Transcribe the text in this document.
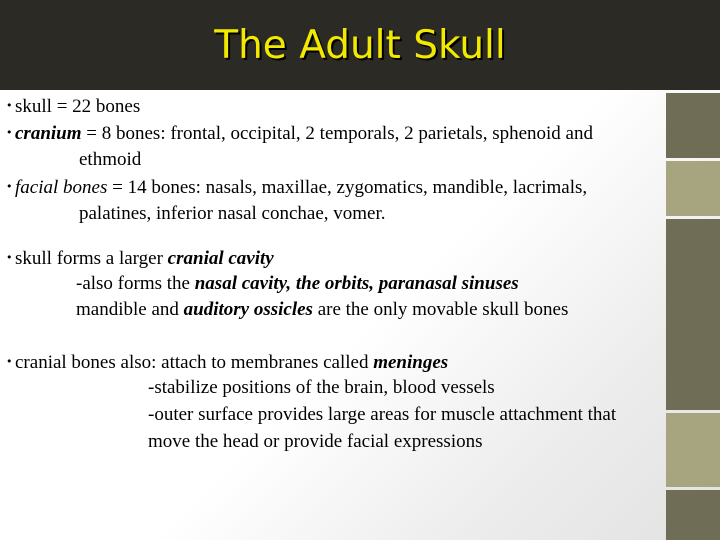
The Adult Skull
• skull = 22 bones
• cranium = 8 bones: frontal, occipital, 2 temporals, 2 parietals, sphenoid and
ethmoid
• facial bones = 14 bones: nasals, maxillae, zygomatics, mandible, lacrimals,
palatines, inferior nasal conchae, vomer.
• skull forms a larger cranial cavity
-also forms the nasal cavity, the orbits, paranasal sinuses
mandible and auditory ossicles are the only movable skull bones
• cranial bones also: attach to membranes called meninges
-stabilize positions of the brain, blood vessels
-outer surface provides large areas for muscle attachment that
move the head or provide facial expressions
